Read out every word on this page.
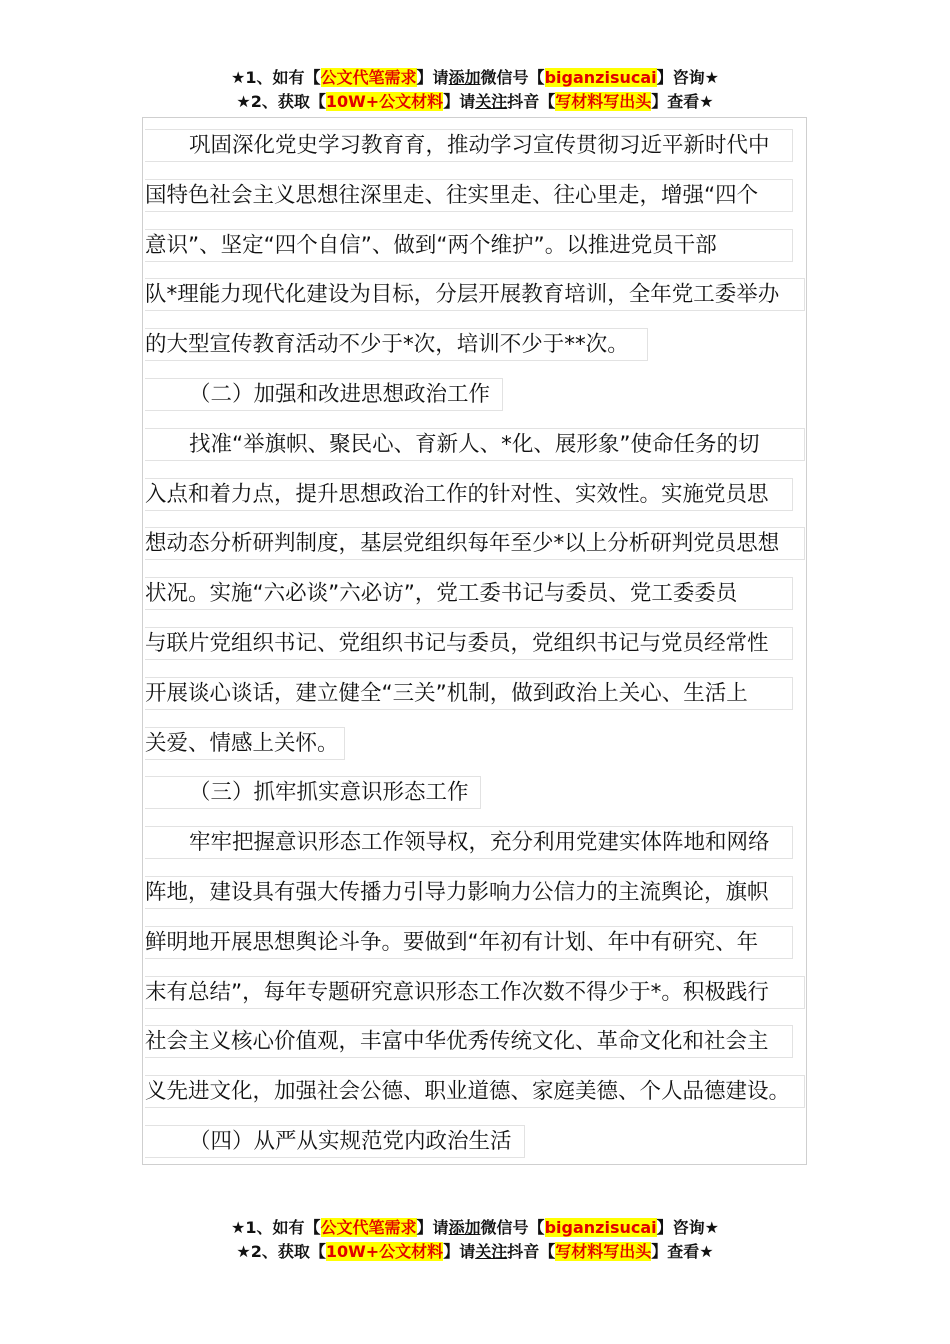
★1、如有【公文代笔需求】请添加微信号【biganzisucai】咨询★
★2、获取【10W+公文材料】请关注抖音【写材料写出头】查看★
巩固深化党史学习教育育，推动学习宣传贯彻习近平新时代中
国特色社会主义思想往深里走、往实里走、往心里走，增强“四个
意识”、坚定“四个自信”、做到“两个维护”。以推进党员干部
队*理能力现代化建设为目标，分层开展教育培训，全年党工委举办
的大型宣传教育活动不少于*次，培训不少于**次。
（二）加强和改进思想政治工作
找准“举旗帜、聚民心、育新人、*化、展形象”使命任务的切
入点和着力点，提升思想政治工作的针对性、实效性。实施党员思
想动态分析研判制度，基层党组织每年至少*以上分析研判党员思想
状况。实施“六必谈”六必访”，党工委书记与委员、党工委委员
与联片党组织书记、党组织书记与委员，党组织书记与党员经常性
开展谈心谈话，建立健全“三关”机制，做到政治上关心、生活上
关爱、情感上关怀。
（三）抓牢抓实意识形态工作
牢牢把握意识形态工作领导权，充分利用党建实体阵地和网络
阵地，建设具有强大传播力引导力影响力公信力的主流舆论，旗帜
鲜明地开展思想舆论斗争。要做到“年初有计划、年中有研究、年
末有总结”，每年专题研究意识形态工作次数不得少于*。积极践行
社会主义核心价值观，丰富中华优秀传统文化、革命文化和社会主
义先进文化，加强社会公德、职业道德、家庭美德、个人品德建设。
（四）从严从实规范党内政治生活
★1、如有【公文代笔需求】请添加微信号【biganzisucai】咨询★
★2、获取【10W+公文材料】请关注抖音【写材料写出头】查看★
